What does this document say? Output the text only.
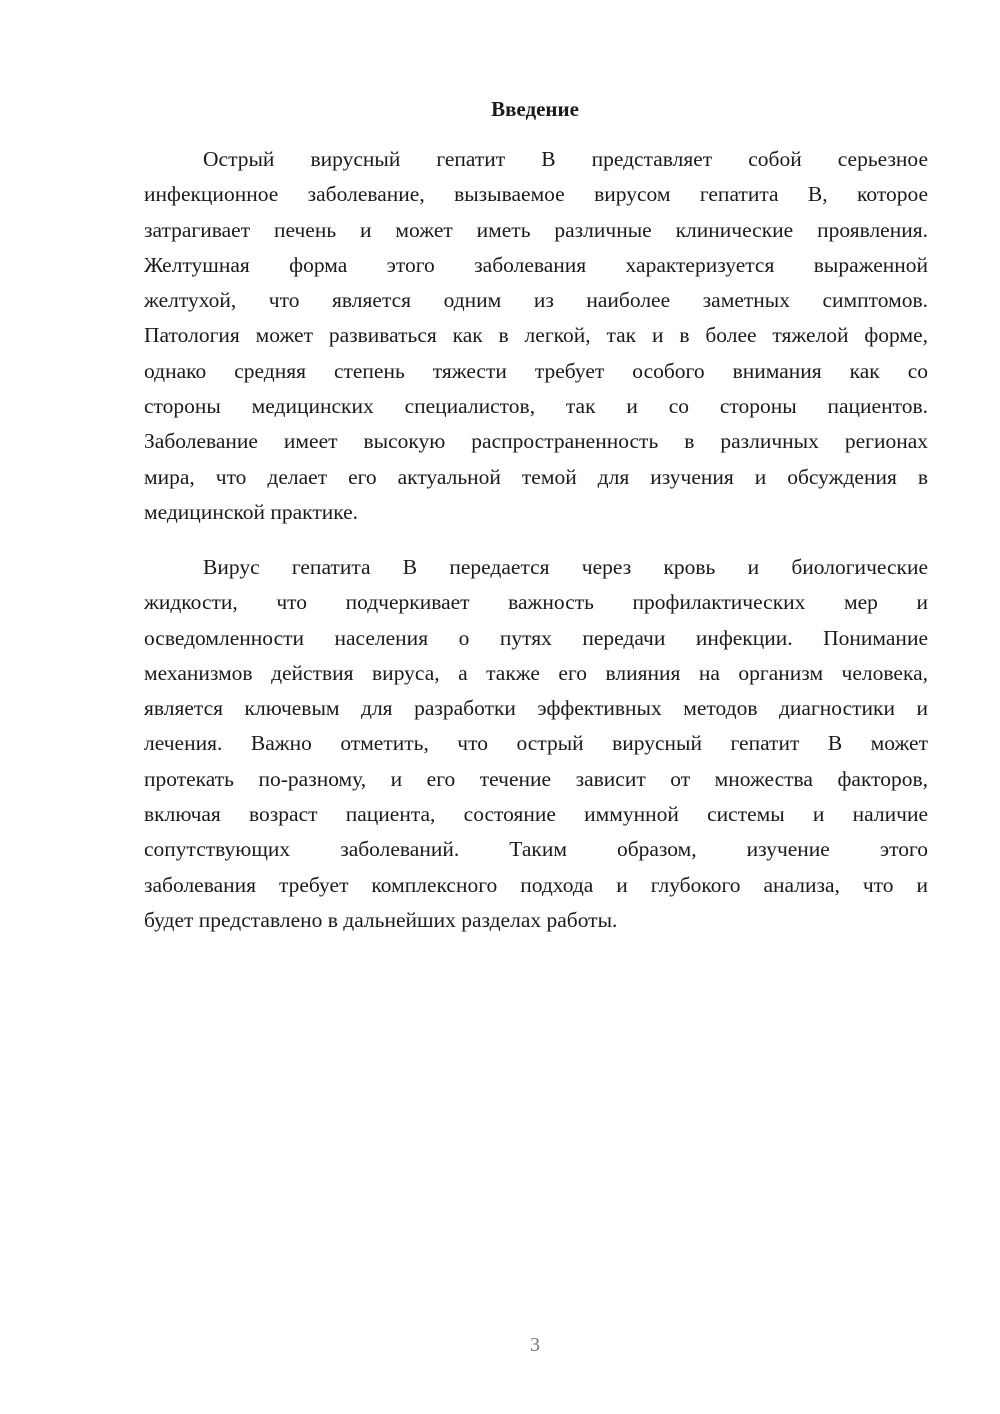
Введение
Острый вирусный гепатит В представляет собой серьезное
инфекционное заболевание, вызываемое вирусом гепатита В, которое
затрагивает печень и может иметь различные клинические проявления.
Желтушная форма этого заболевания характеризуется выраженной
желтухой, что является одним из наиболее заметных симптомов.
Патология может развиваться как в легкой, так и в более тяжелой форме,
однако средняя степень тяжести требует особого внимания как со
стороны медицинских специалистов, так и со стороны пациентов.
Заболевание имеет высокую распространенность в различных регионах
мира, что делает его актуальной темой для изучения и обсуждения в
медицинской практике.
Вирус гепатита В передается через кровь и биологические
жидкости, что подчеркивает важность профилактических мер и
осведомленности населения о путях передачи инфекции. Понимание
механизмов действия вируса, а также его влияния на организм человека,
является ключевым для разработки эффективных методов диагностики и
лечения. Важно отметить, что острый вирусный гепатит В может
протекать по-разному, и его течение зависит от множества факторов,
включая возраст пациента, состояние иммунной системы и наличие
сопутствующих заболеваний. Таким образом, изучение этого
заболевания требует комплексного подхода и глубокого анализа, что и
будет представлено в дальнейших разделах работы.
3
